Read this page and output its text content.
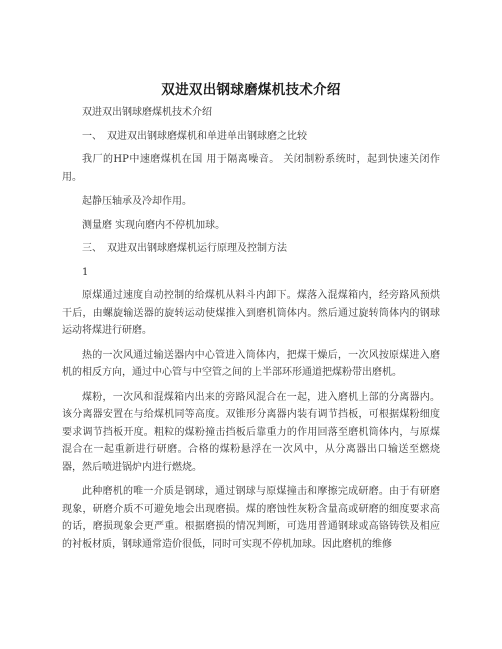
双进双出钢球磨煤机技术介绍

双进双出钢球磨煤机技术介绍

一、　双进双出钢球磨煤机和单进单出钢球磨之比较

我厂的HP中速磨煤机在国 用于隔离噪音。 关闭制粉系统时，起到快速关闭作用。

起静压轴承及冷却作用。

测量磨 实现向磨内不停机加球。

三、　双进双出钢球磨煤机运行原理及控制方法

1

原煤通过速度自动控制的给煤机从料斗内卸下。煤落入混煤箱内，经旁路风预烘干后，由螺旋输送器的旋转运动使煤推入到磨机筒体内。然后通过旋转筒体内的钢球运动将煤进行研磨。

热的一次风通过输送器内中心管进入筒体内，把煤干燥后，一次风按原煤进入磨机的相反方向，通过中心管与中空管之间的上半部环形通道把煤粉带出磨机。

煤粉，一次风和混煤箱内出来的旁路风混合在一起，进入磨机上部的分离器内。该分离器安置在与给煤机同等高度。双锥形分离器内装有调节挡板，可根据煤粉细度要求调节挡板开度。粗粒的煤粉撞击挡板后靠重力的作用回落至磨机筒体内，与原煤混合在一起重新进行研磨。合格的煤粉悬浮在一次风中，从分离器出口输送至燃烧器，然后喷进锅炉内进行燃烧。

此种磨机的唯一介质是钢球，通过钢球与原煤撞击和摩擦完成研磨。由于有研磨现象，研磨介质不可避免地会出现磨损。煤的磨蚀性灰粉含量高或研磨的细度要求高的话，磨损现象会更严重。根据磨损的情况判断，可选用普通钢球或高铬铸铁及相应的衬板材质，钢球通常造价很低，同时可实现不停机加球。因此磨机的维修
